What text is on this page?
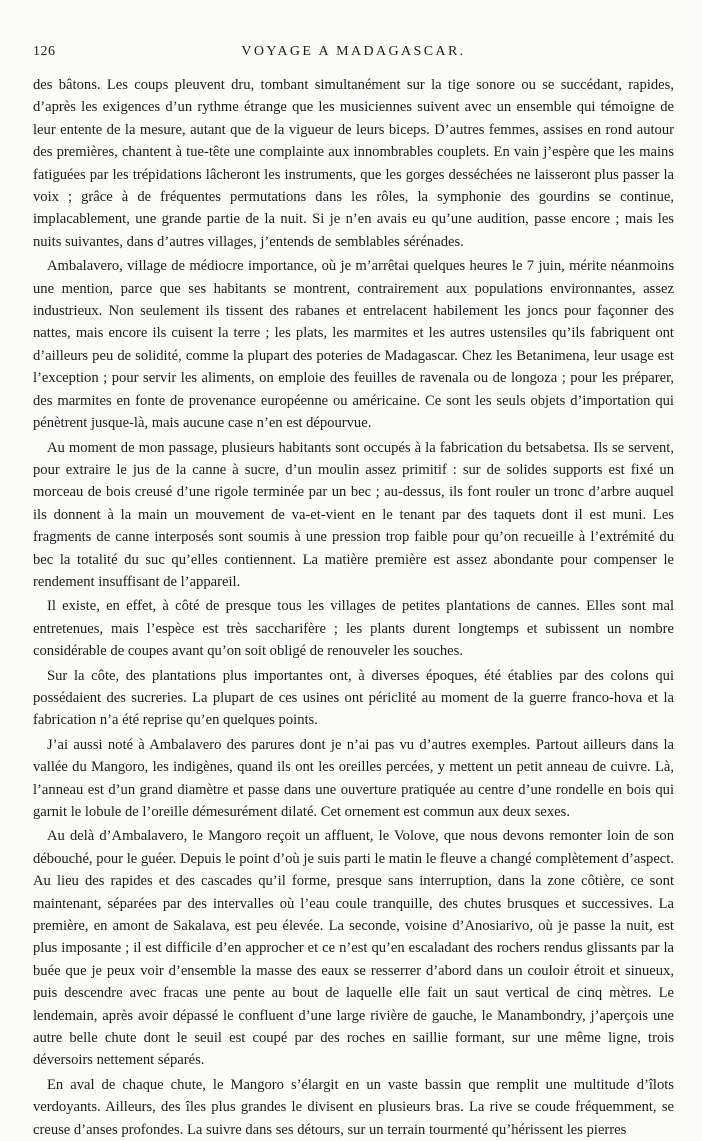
126	VOYAGE A MADAGASCAR.

des bâtons. Les coups pleuvent dru, tombant simultanément sur la tige sonore ou se succédant, rapides, d’après les exigences d’un rythme étrange que les musiciennes suivent avec un ensemble qui témoigne de leur entente de la mesure, autant que de la vigueur de leurs biceps. D’autres femmes, assises en rond autour des premières, chantent à tue-tête une complainte aux innombrables couplets. En vain j’espère que les mains fatiguées par les trépidations lâcheront les instruments, que les gorges desséchées ne laisseront plus passer la voix ; grâce à de fréquentes permutations dans les rôles, la symphonie des gourdins se continue, implacablement, une grande partie de la nuit. Si je n’en avais eu qu’une audition, passe encore ; mais les nuits suivantes, dans d’autres villages, j’entends de semblables sérénades.

Ambalavero, village de médiocre importance, où je m’arrêtai quelques heures le 7 juin, mérite néanmoins une mention, parce que ses habitants se montrent, contrairement aux populations environnantes, assez industrieux. Non seulement ils tissent des rabanes et entrelacent habilement les joncs pour façonner des nattes, mais encore ils cuisent la terre ; les plats, les marmites et les autres ustensiles qu’ils fabriquent ont d’ailleurs peu de solidité, comme la plupart des poteries de Madagascar. Chez les Betanimena, leur usage est l’exception ; pour servir les aliments, on emploie des feuilles de ravenala ou de longoza ; pour les préparer, des marmites en fonte de provenance européenne ou américaine. Ce sont les seuls objets d’importation qui pénètrent jusque-là, mais aucune case n’en est dépourvue.

Au moment de mon passage, plusieurs habitants sont occupés à la fabrication du betsabetsa. Ils se servent, pour extraire le jus de la canne à sucre, d’un moulin assez primitif : sur de solides supports est fixé un morceau de bois creusé d’une rigole terminée par un bec ; au-dessus, ils font rouler un tronc d’arbre auquel ils donnent à la main un mouvement de va-et-vient en le tenant par des taquets dont il est muni. Les fragments de canne interposés sont soumis à une pression trop faible pour qu’on recueille à l’extrémité du bec la totalité du suc qu’elles contiennent. La matière première est assez abondante pour compenser le rendement insuffisant de l’appareil.

Il existe, en effet, à côté de presque tous les villages de petites plantations de cannes. Elles sont mal entretenues, mais l’espèce est très saccharifère ; les plants durent longtemps et subissent un nombre considérable de coupes avant qu’on soit obligé de renouveler les souches.

Sur la côte, des plantations plus importantes ont, à diverses époques, été établies par des colons qui possédaient des sucreries. La plupart de ces usines ont périclité au moment de la guerre franco-hova et la fabrication n’a été reprise qu’en quelques points.

J’ai aussi noté à Ambalavero des parures dont je n’ai pas vu d’autres exemples. Partout ailleurs dans la vallée du Mangoro, les indigènes, quand ils ont les oreilles percées, y mettent un petit anneau de cuivre. Là, l’anneau est d’un grand diamètre et passe dans une ouverture pratiquée au centre d’une rondelle en bois qui garnit le lobule de l’oreille démesurément dilaté. Cet ornement est commun aux deux sexes.

Au delà d’Ambalavero, le Mangoro reçoit un affluent, le Volove, que nous devons remonter loin de son débouché, pour le guéer. Depuis le point d’où je suis parti le matin le fleuve a changé complètement d’aspect. Au lieu des rapides et des cascades qu’il forme, presque sans interruption, dans la zone côtière, ce sont maintenant, séparées par des intervalles où l’eau coule tranquille, des chutes brusques et successives. La première, en amont de Sakalava, est peu élevée. La seconde, voisine d’Anosiarivo, où je passe la nuit, est plus imposante ; il est difficile d’en approcher et ce n’est qu’en escaladant des rochers rendus glissants par la buée que je peux voir d’ensemble la masse des eaux se resserrer d’abord dans un couloir étroit et sinueux, puis descendre avec fracas une pente au bout de laquelle elle fait un saut vertical de cinq mètres. Le lendemain, après avoir dépassé le confluent d’une large rivière de gauche, le Manambondry, j’aperçois une autre belle chute dont le seuil est coupé par des roches en saillie formant, sur une même ligne, trois déversoirs nettement séparés.

En aval de chaque chute, le Mangoro s’élargit en un vaste bassin que remplit une multitude d’îlots verdoyants. Ailleurs, des îles plus grandes le divisent en plusieurs bras. La rive se coude fréquemment, se creuse d’anses profondes. La suivre dans ses détours, sur un terrain tourmenté qu’hérissent les pierres
